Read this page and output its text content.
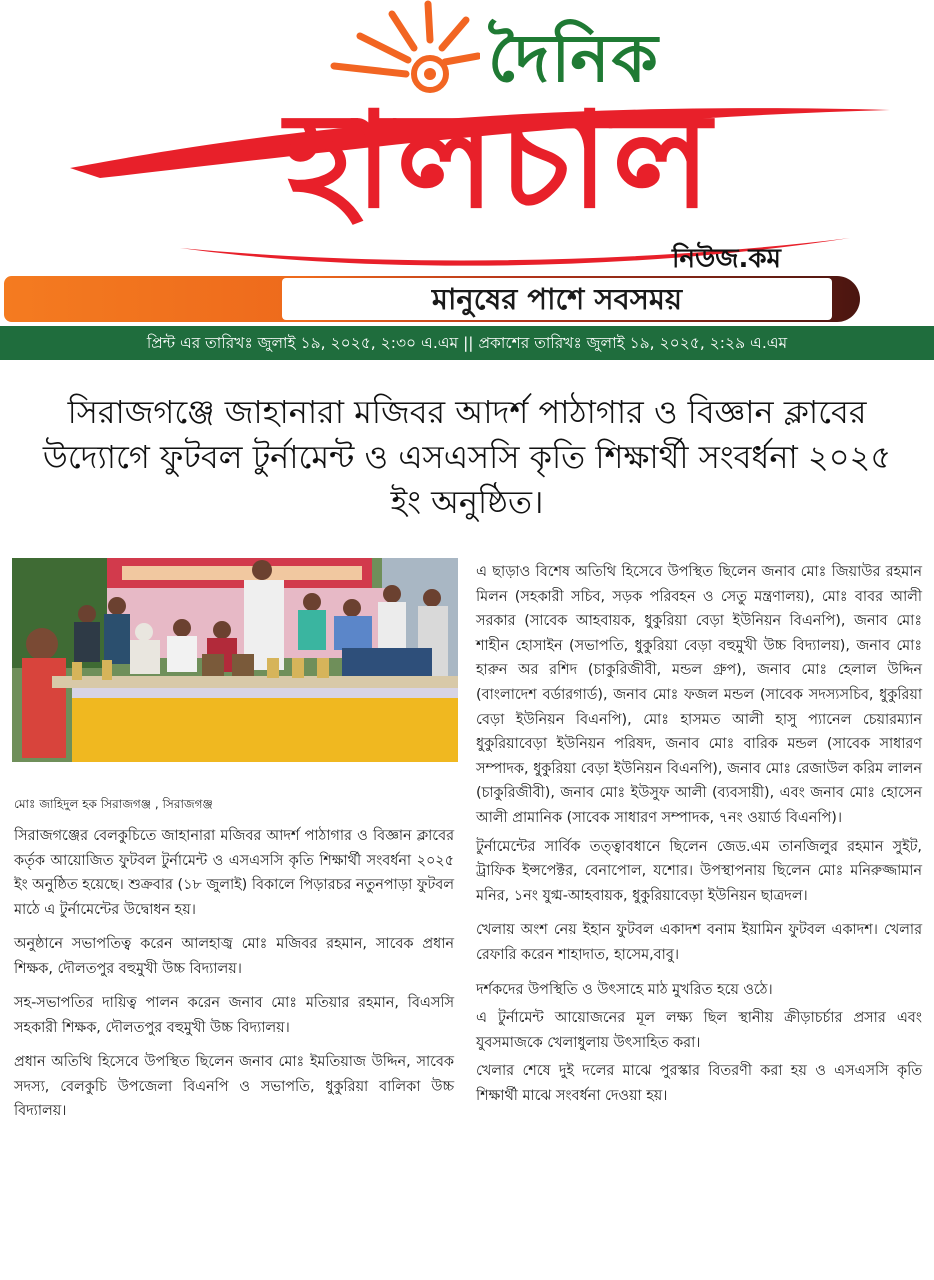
দৈনিক
হালচাল
নিউজ.কম
মানুষের পাশে সবসময়
প্রিন্ট এর তারিখঃ জুলাই ১৯, ২০২৫, ২:৩০ এ.এম || প্রকাশের তারিখঃ জুলাই ১৯, ২০২৫, ২:২৯ এ.এম
সিরাজগঞ্জে জাহানারা মজিবর আদর্শ পাঠাগার ও বিজ্ঞান ক্লাবের
উদ্যোগে ফুটবল টুর্নামেন্ট ও এসএসসি কৃতি শিক্ষার্থী সংবর্ধনা ২০২৫
ইং অনুষ্ঠিত।
মোঃ জাহিদুল হক সিরাজগঞ্জ , সিরাজগঞ্জ

সিরাজগঞ্জের বেলকুচিতে জাহানারা মজিবর আদর্শ পাঠাগার ও বিজ্ঞান ক্লাবের কর্তৃক আয়োজিত ফুটবল টুর্নামেন্ট ও এসএসসি কৃতি শিক্ষার্থী সংবর্ধনা ২০২৫ ইং অনুষ্ঠিত হয়েছে। শুক্রবার (১৮ জুলাই) বিকালে পিড়ারচর নতুনপাড়া ফুটবল মাঠে এ টুর্নামেন্টের উদ্বোধন হয়।

অনুষ্ঠানে সভাপতিত্ব করেন আলহাজ্ব মোঃ মজিবর রহমান, সাবেক প্রধান শিক্ষক, দৌলতপুর বহুমুখী উচ্চ বিদ্যালয়।

সহ-সভাপতির দায়িত্ব পালন করেন জনাব মোঃ মতিয়ার রহমান, বিএসসি সহকারী শিক্ষক, দৌলতপুর বহুমুখী উচ্চ বিদ্যালয়।

প্রধান অতিথি হিসেবে উপস্থিত ছিলেন জনাব মোঃ ইমতিয়াজ উদ্দিন, সাবেক সদস্য, বেলকুচি উপজেলা বিএনপি ও সভাপতি, ধুকুরিয়া বালিকা উচ্চ বিদ্যালয়।

এ ছাড়াও বিশেষ অতিথি হিসেবে উপস্থিত ছিলেন জনাব মোঃ জিয়াউর রহমান মিলন (সহকারী সচিব, সড়ক পরিবহন ও সেতু মন্ত্রণালয়), মোঃ বাবর আলী সরকার (সাবেক আহবায়ক, ধুকুরিয়া বেড়া ইউনিয়ন বিএনপি), জনাব মোঃ শাহীন হোসাইন (সভাপতি, ধুকুরিয়া বেড়া বহুমুখী উচ্চ বিদ্যালয়), জনাব মোঃ হারুন অর রশিদ (চাকুরিজীবী, মন্ডল গ্রুপ), জনাব মোঃ হেলাল উদ্দিন (বাংলাদেশ বর্ডারগার্ড), জনাব মোঃ ফজল মন্ডল (সাবেক সদস্যসচিব, ধুকুরিয়া বেড়া ইউনিয়ন বিএনপি), মোঃ হাসমত আলী হাসু প্যানেল চেয়ারম্যান ধুকুরিয়াবেড়া ইউনিয়ন পরিষদ, জনাব মোঃ বারিক মন্ডল (সাবেক সাধারণ সম্পাদক, ধুকুরিয়া বেড়া ইউনিয়ন বিএনপি), জনাব মোঃ রেজাউল করিম লালন (চাকুরিজীবী), জনাব মোঃ ইউসুফ আলী (ব্যবসায়ী), এবং জনাব মোঃ হোসেন আলী প্রামানিক (সাবেক সাধারণ সম্পাদক, ৭নং ওয়ার্ড বিএনপি)।

টুর্নামেন্টের সার্বিক তত্ত্বাবধানে ছিলেন জেড.এম তানজিলুর রহমান সুইট, ট্রাফিক ইন্সপেক্টর, বেনাপোল, যশোর। উপস্থাপনায় ছিলেন মোঃ মনিরুজ্জামান মনির, ১নং যুগ্ম-আহবায়ক, ধুকুরিয়াবেড়া ইউনিয়ন ছাত্রদল।

খেলায় অংশ নেয় ইহান ফুটবল একাদশ বনাম ইয়ামিন ফুটবল একাদশ। খেলার রেফারি করেন শাহাদাত, হাসেম,বাবু।

দর্শকদের উপস্থিতি ও উৎসাহে মাঠ মুখরিত হয়ে ওঠে।

এ টুর্নামেন্ট আয়োজনের মূল লক্ষ্য ছিল স্থানীয় ক্রীড়াচর্চার প্রসার এবং যুবসমাজকে খেলাধুলায় উৎসাহিত করা।

খেলার শেষে দুই দলের মাঝে পুরস্কার বিতরণী করা হয় ও এসএসসি কৃতি শিক্ষার্থী মাঝে সংবর্ধনা দেওয়া হয়।
